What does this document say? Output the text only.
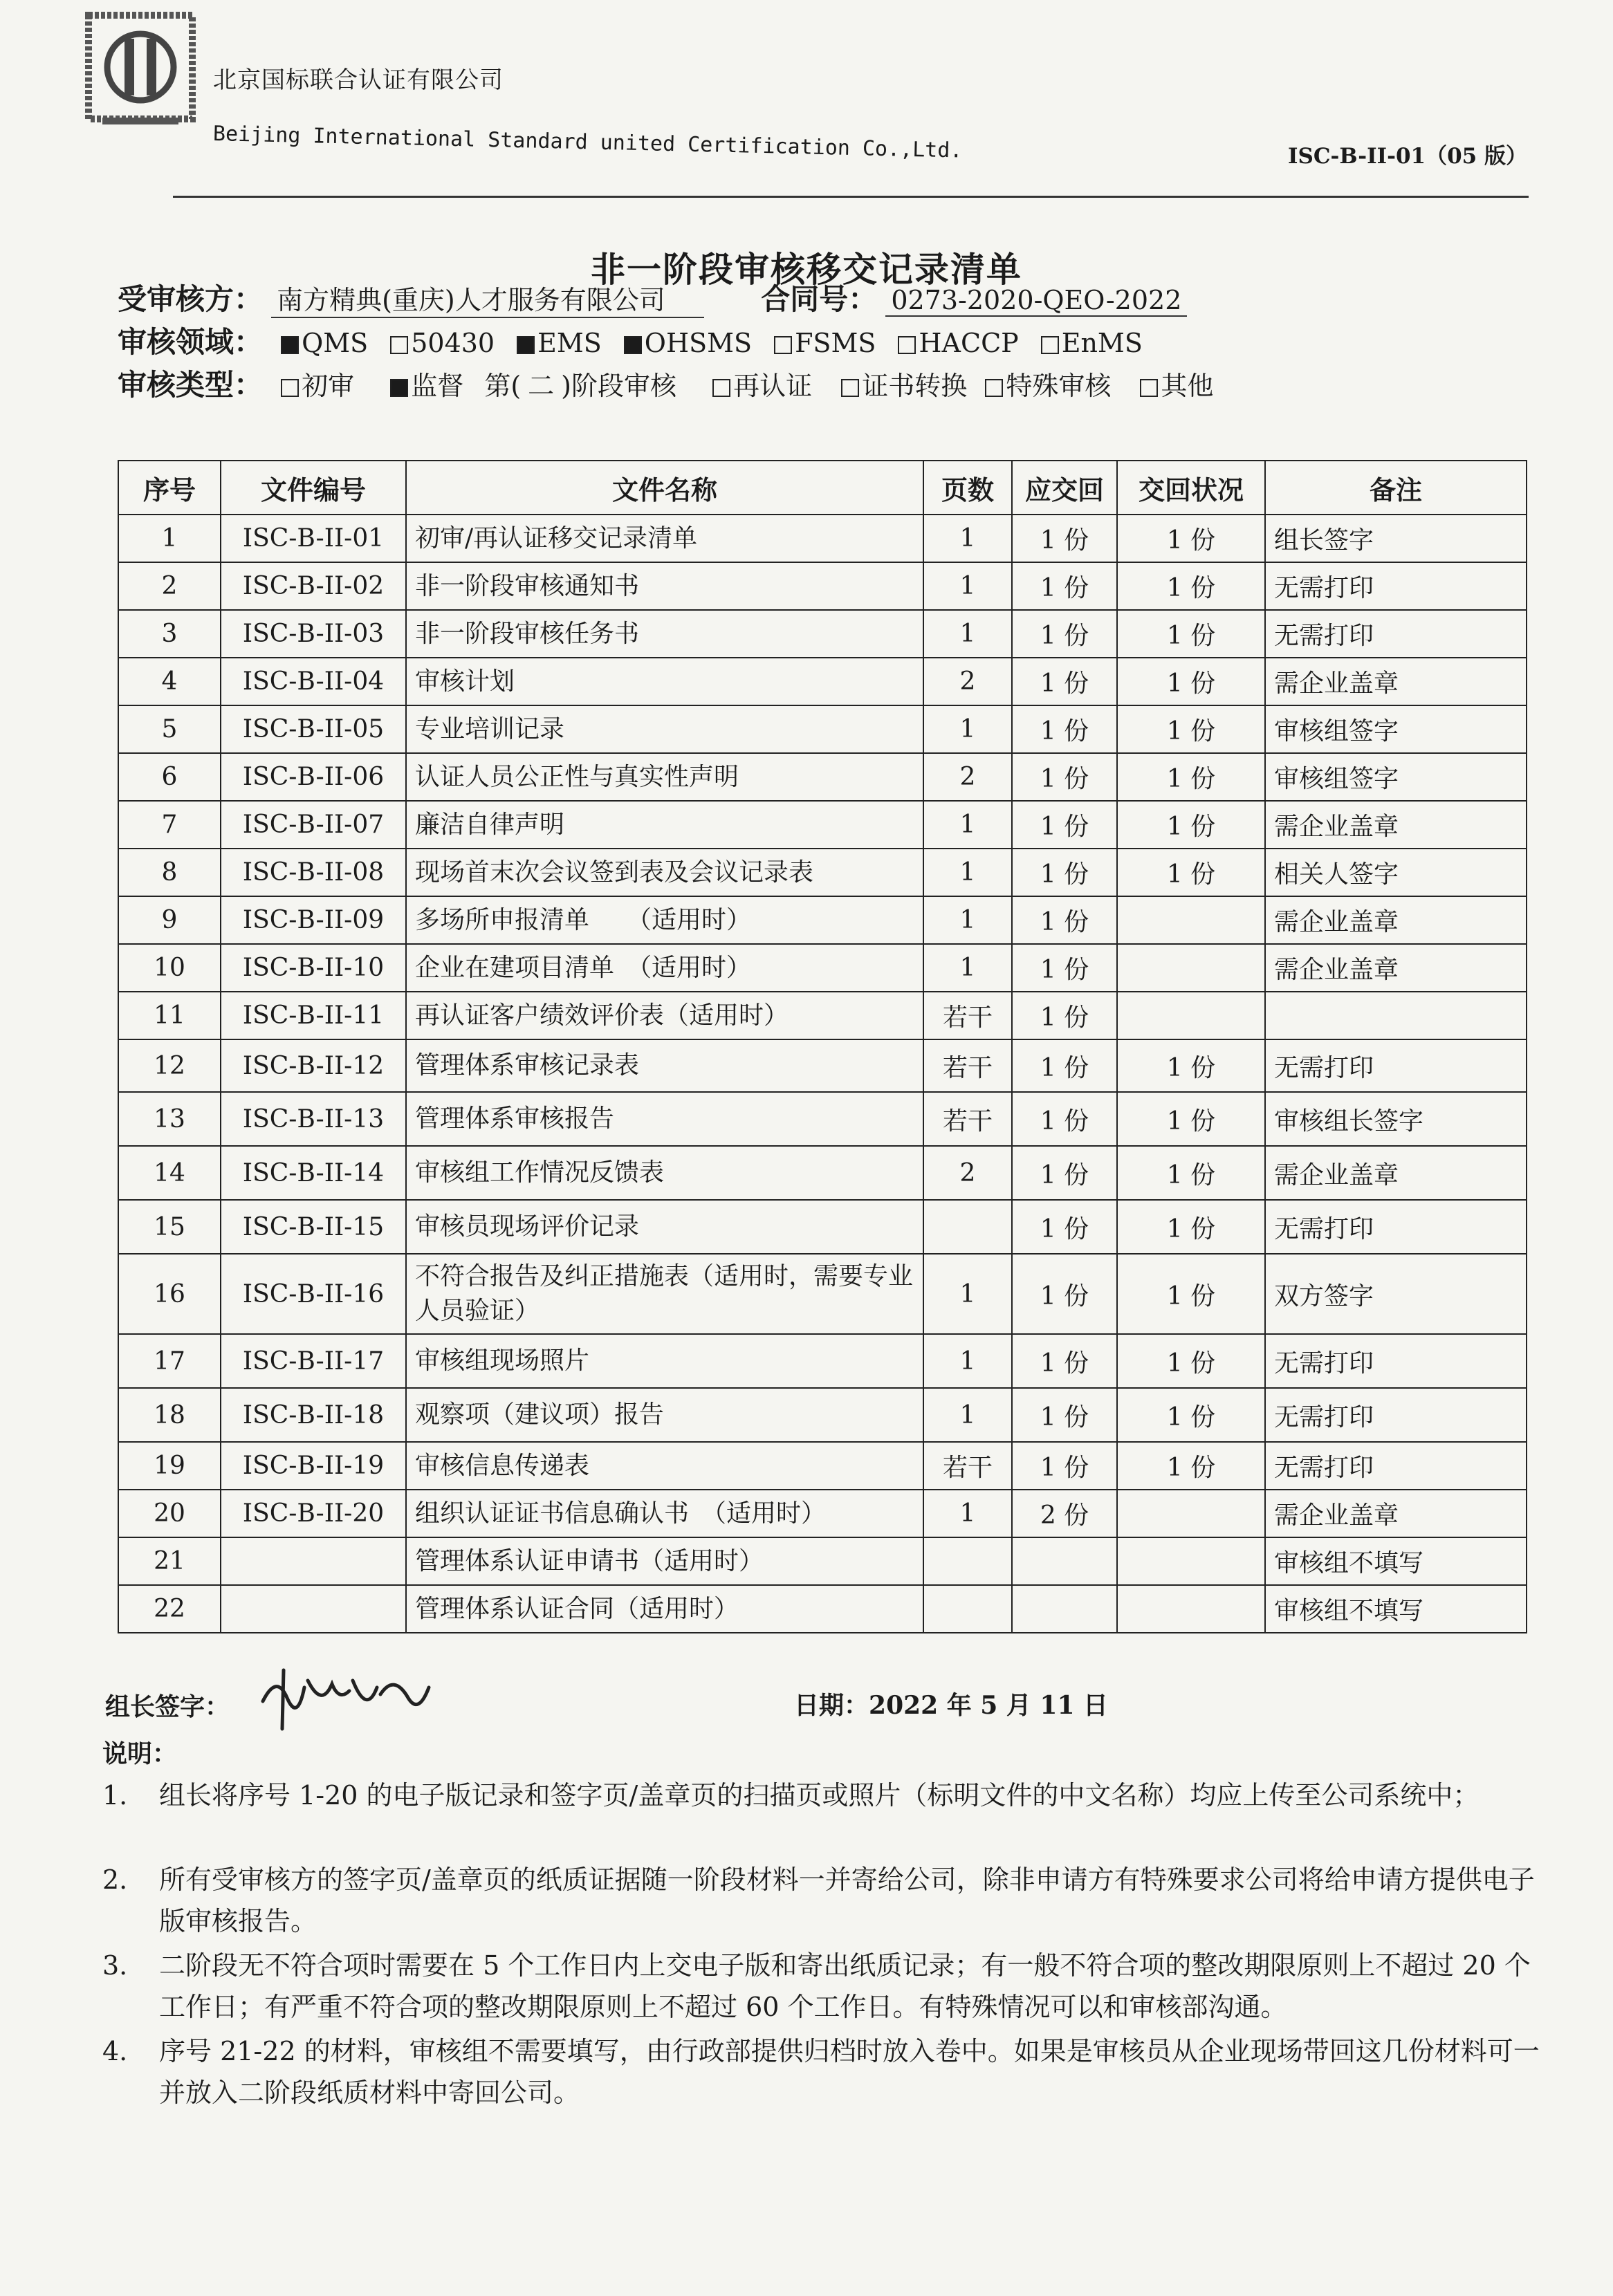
北京国标联合认证有限公司
Beijing International Standard united Certification Co.,Ltd.	ISC-B-II-01（05 版）
非一阶段审核移交记录清单
受审核方： 南方精典(重庆)人才服务有限公司	合同号： 0273-2020-QEO-2022
审核领域： QMS 50430 EMS OHSMS FSMS HACCP EnMS
审核类型： 初审 监督 第( 二 )阶段审核 再认证 证书转换 特殊审核 其他
序号	文件编号	文件名称	页数	应交回	交回状况	备注
1	ISC-B-II-01	初审/再认证移交记录清单	1	1 份	1 份	组长签字
2	ISC-B-II-02	非一阶段审核通知书	1	1 份	1 份	无需打印
3	ISC-B-II-03	非一阶段审核任务书	1	1 份	1 份	无需打印
4	ISC-B-II-04	审核计划	2	1 份	1 份	需企业盖章
5	ISC-B-II-05	专业培训记录	1	1 份	1 份	审核组签字
6	ISC-B-II-06	认证人员公正性与真实性声明	2	1 份	1 份	审核组签字
7	ISC-B-II-07	廉洁自律声明	1	1 份	1 份	需企业盖章
8	ISC-B-II-08	现场首末次会议签到表及会议记录表	1	1 份	1 份	相关人签字
9	ISC-B-II-09	多场所申报清单　　（适用时）	1	1 份		需企业盖章
10	ISC-B-II-10	企业在建项目清单　（适用时）	1	1 份		需企业盖章
11	ISC-B-II-11	再认证客户绩效评价表（适用时）	若干	1 份		
12	ISC-B-II-12	管理体系审核记录表	若干	1 份	1 份	无需打印
13	ISC-B-II-13	管理体系审核报告	若干	1 份	1 份	审核组长签字
14	ISC-B-II-14	审核组工作情况反馈表	2	1 份	1 份	需企业盖章
15	ISC-B-II-15	审核员现场评价记录		1 份	1 份	无需打印
16	ISC-B-II-16	不符合报告及纠正措施表（适用时，需要专业人员验证）	1	1 份	1 份	双方签字
17	ISC-B-II-17	审核组现场照片	1	1 份	1 份	无需打印
18	ISC-B-II-18	观察项（建议项）报告	1	1 份	1 份	无需打印
19	ISC-B-II-19	审核信息传递表	若干	1 份	1 份	无需打印
20	ISC-B-II-20	组织认证证书信息确认书　（适用时）	1	2 份		需企业盖章
21		管理体系认证申请书（适用时）				审核组不填写
22		管理体系认证合同（适用时）				审核组不填写
组长签字：	日期：2022 年 5 月 11 日
说明：
1. 组长将序号 1-20 的电子版记录和签字页/盖章页的扫描页或照片（标明文件的中文名称）均应上传至公司系统中；
2. 所有受审核方的签字页/盖章页的纸质证据随一阶段材料一并寄给公司，除非申请方有特殊要求公司将给申请方提供电子版审核报告。
3. 二阶段无不符合项时需要在 5 个工作日内上交电子版和寄出纸质记录；有一般不符合项的整改期限原则上不超过 20 个工作日；有严重不符合项的整改期限原则上不超过 60 个工作日。有特殊情况可以和审核部沟通。
4. 序号 21-22 的材料，审核组不需要填写，由行政部提供归档时放入卷中。如果是审核员从企业现场带回这几份材料可一并放入二阶段纸质材料中寄回公司。
